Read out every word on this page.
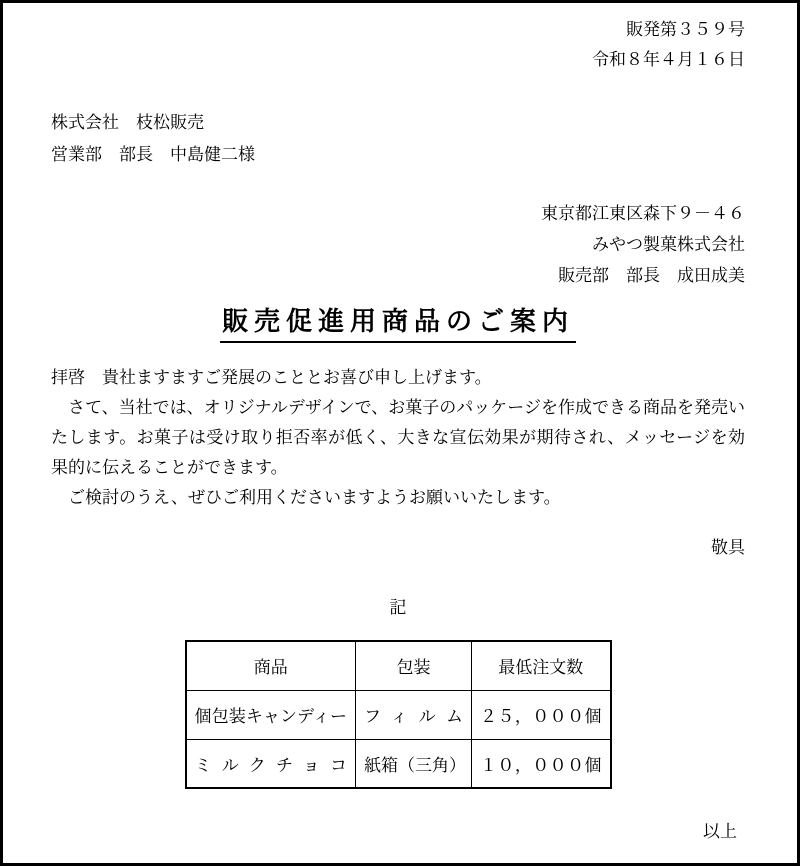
販発第３５９号
令和８年４月１６日
株式会社　枝松販売
営業部　部長　中島健二様
東京都江東区森下９－４６
みやつ製菓株式会社
販売部　部長　成田成美
販売促進用商品のご案内

拝啓　貴社ますますご発展のこととお喜び申し上げます。

　さて、当社では、オリジナルデザインで、お菓子のパッケージを作成できる商品を発売いたします。お菓子は受け取り拒否率が低く、大きな宣伝効果が期待され、メッセージを効果的に伝えることができます。

　ご検討のうえ、ぜひご利用くださいますようお願いいたします。

敬具
記
商品	包装	最低注文数
個包装キャンディー	フィルム	２５，０００個
ミルクチョコ	紙箱（三角）	１０，０００個
以上
